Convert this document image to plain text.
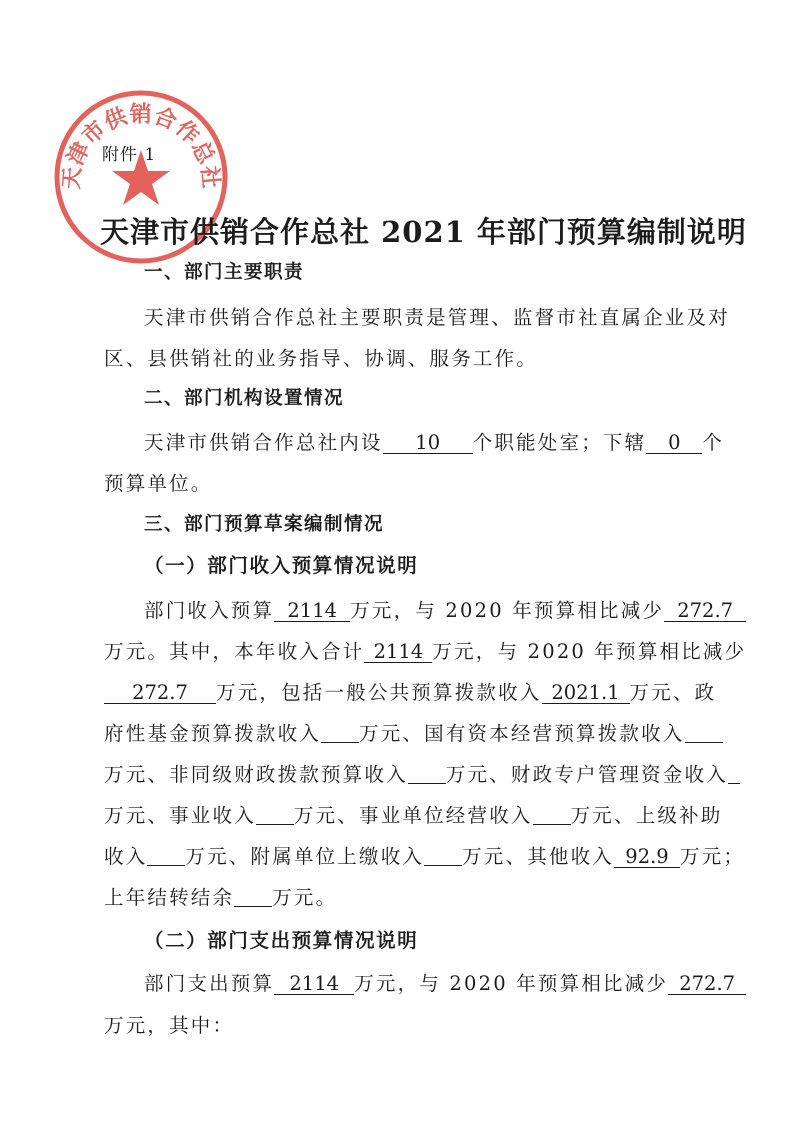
天津市供销合作总社
附件 1
天津市供销合作总社 2021 年部门预算编制说明
一、部门主要职责
天津市供销合作总社主要职责是管理、监督市社直属企业及对
区、县供销社的业务指导、协调、服务工作。
二、部门机构设置情况
天津市供销合作总社内设 10 个职能处室；下辖 0 个
预算单位。
三、部门预算草案编制情况
（一）部门收入预算情况说明
部门收入预算 2114 万元，与 2020 年预算相比减少 272.7
万元。其中，本年收入合计 2114 万元，与 2020 年预算相比减少
272.7 万元，包括一般公共预算拨款收入 2021.1 万元、政
府性基金预算拨款收入 万元、国有资本经营预算拨款收入
万元、非同级财政拨款预算收入 万元、财政专户管理资金收入
万元、事业收入 万元、事业单位经营收入 万元、上级补助
收入 万元、附属单位上缴收入 万元、其他收入 92.9 万元；
上年结转结余 万元。
（二）部门支出预算情况说明
部门支出预算 2114 万元，与 2020 年预算相比减少 272.7
万元，其中：
